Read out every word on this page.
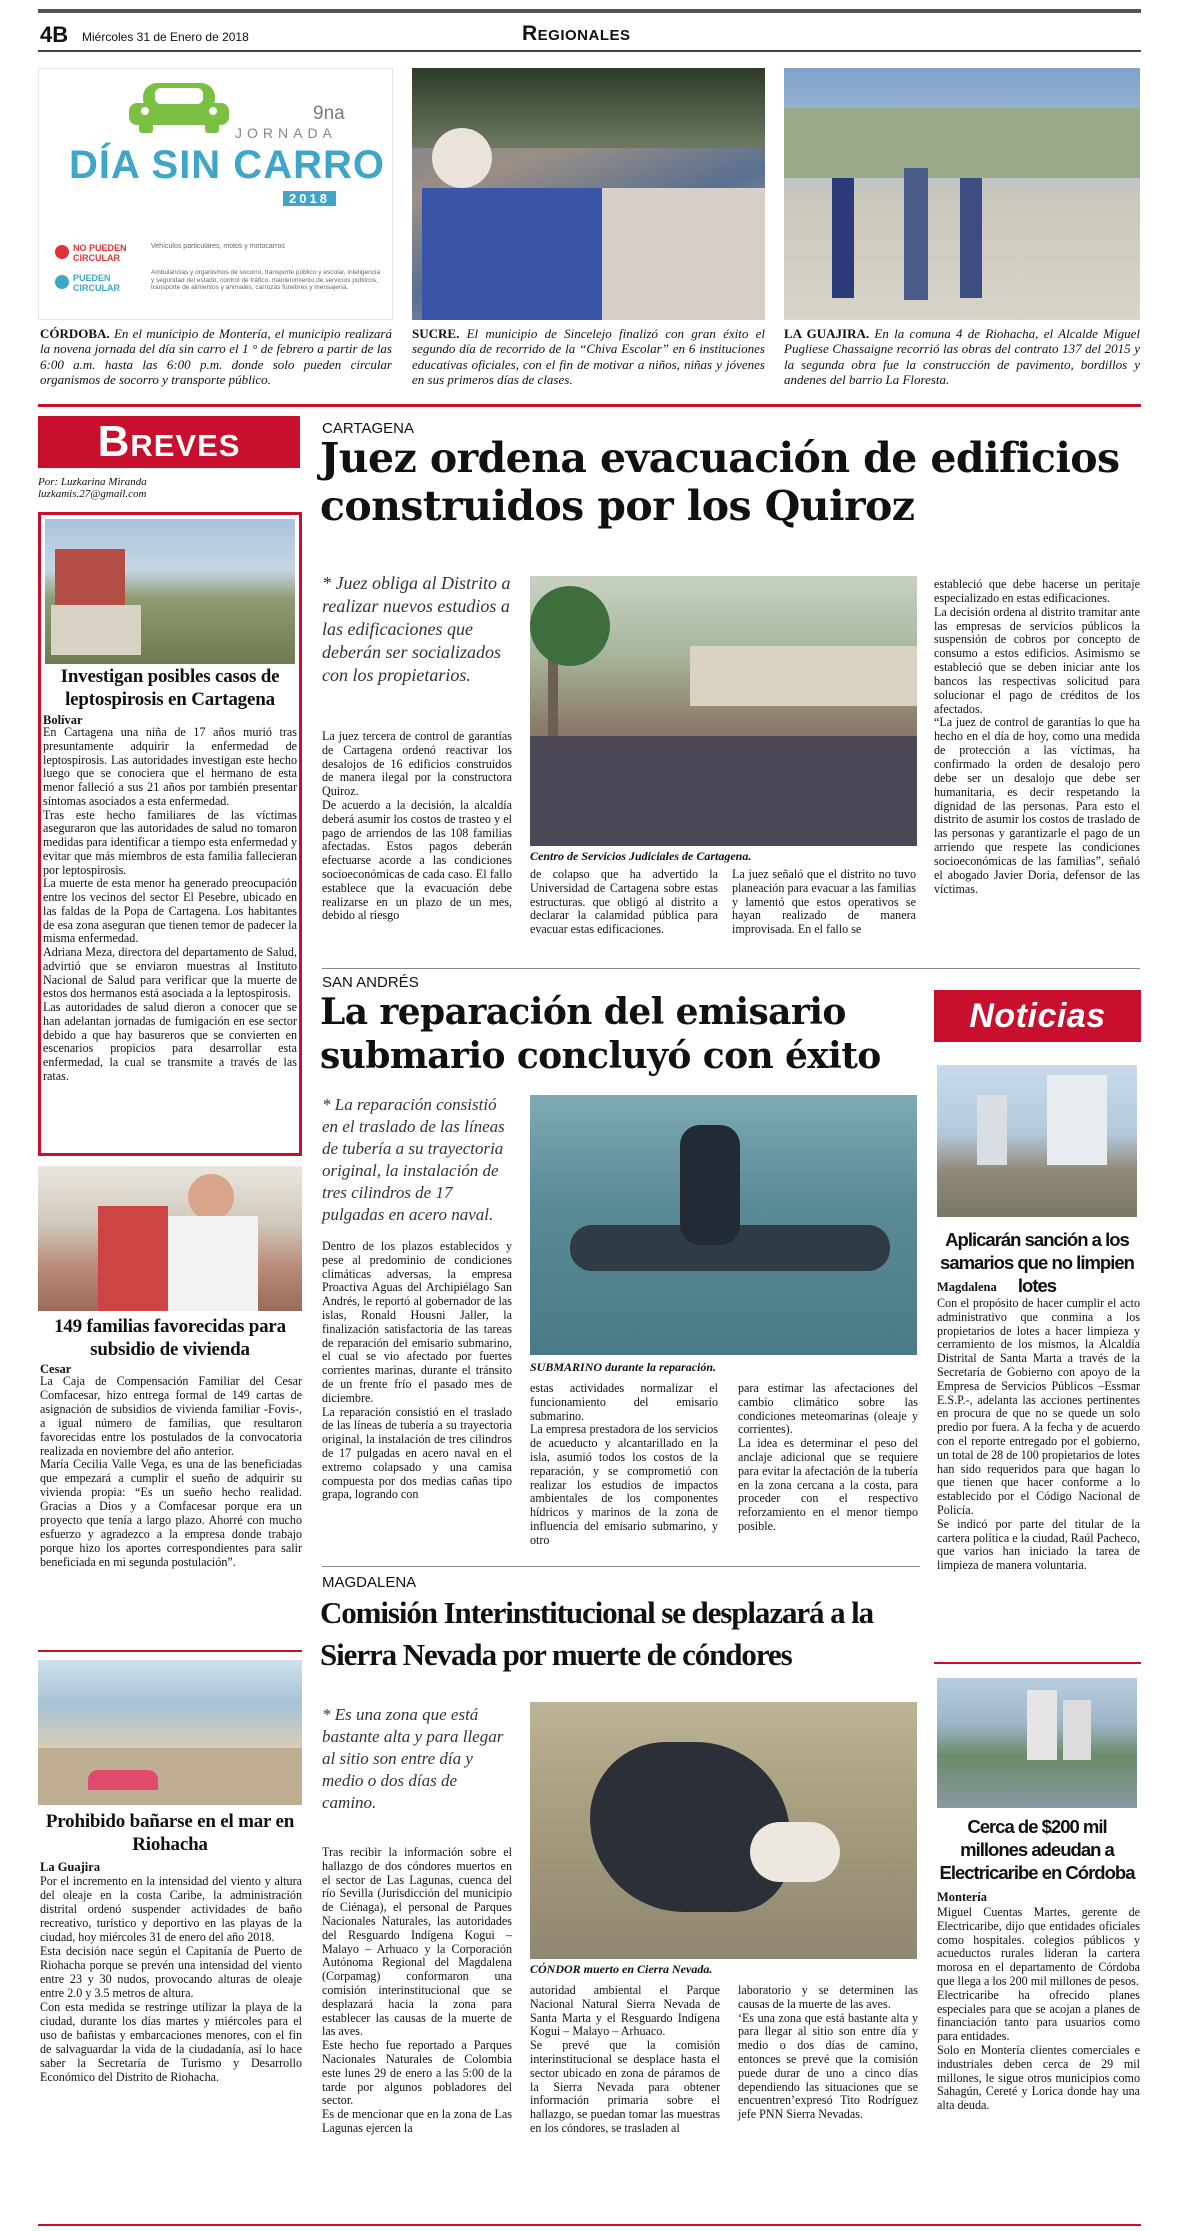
4B Miércoles 31 de Enero de 2018	Regionales
9na
JORNADA
DÍA SIN CARRO
2018
NO PUEDEN
CIRCULAR
Vehículos particulares, motos y motocarros
PUEDEN
CIRCULAR
Ambulancias y organismos de socorro, transporte público y escolar, inteligencia y seguridad del estado, control de tráfico, mantenimiento de servicios públicos, transporte de alimentos y animales, carrozas fúnebres y mensajería.
CÓRDOBA. En el municipio de Montería, el municipio realizará la novena jornada del día sin carro el 1 ° de febrero a partir de las 6:00 a.m. hasta las 6:00 p.m. donde solo pueden circular organismos de socorro y transporte público.
SUCRE. El municipio de Sincelejo finalizó con gran éxito el segundo día de recorrido de la “Chiva Escolar” en 6 instituciones educativas oficiales, con el fin de motivar a niños, niñas y jóvenes en sus primeros días de clases.
LA GUAJIRA. En la comuna 4 de Riohacha, el Alcalde Miguel Pugliese Chassaigne recorrió las obras del contrato 137 del 2015 y la segunda obra fue la construcción de pavimento, bordillos y andenes del barrio La Floresta.
Breves
Por: Luzkarina Miranda
luzkamis.27@gmail.com
Investigan posibles casos de leptospirosis en Cartagena
Bolívar
En Cartagena una niña de 17 años murió tras presuntamente adquirir la enfermedad de leptospirosis. Las autoridades investigan este hecho luego que se conociera que el hermano de esta menor falleció a sus 21 años por también presentar síntomas asociados a esta enfermedad.
Tras este hecho familiares de las víctimas aseguraron que las autoridades de salud no tomaron medidas para identificar a tiempo esta enfermedad y evitar que más miembros de esta familia fallecieran por leptospirosis.
La muerte de esta menor ha generado preocupación entre los vecinos del sector El Pesebre, ubicado en las faldas de la Popa de Cartagena. Los habitantes de esa zona aseguran que tienen temor de padecer la misma enfermedad.
Adriana Meza, directora del departamento de Salud, advirtió que se enviaron muestras al Instituto Nacional de Salud para verificar que la muerte de estos dos hermanos está asociada a la leptospirosis.
Las autoridades de salud dieron a conocer que se han adelantan jornadas de fumigación en ese sector debido a que hay basureros que se convierten en escenarios propicios para desarrollar esta enfermedad, la cual se transmite a través de las ratas.
149 familias favorecidas para subsidio de vivienda
Cesar
La Caja de Compensación Familiar del Cesar Comfacesar, hizo entrega formal de 149 cartas de asignación de subsidios de vivienda familiar -Fovis-, a igual número de familias, que resultaron favorecidas entre los postulados de la convocatoria realizada en noviembre del año anterior.
María Cecilia Valle Vega, es una de las beneficiadas que empezará a cumplir el sueño de adquirir su vivienda propia: “Es un sueño hecho realidad. Gracias a Dios y a Comfacesar porque era un proyecto que tenía a largo plazo. Ahorré con mucho esfuerzo y agradezco a la empresa donde trabajo porque hizo los aportes correspondientes para salir beneficiada en mi segunda postulación”.
Prohibido bañarse en el mar en Riohacha
La Guajira
Por el incremento en la intensidad del viento y altura del oleaje en la costa Caribe, la administración distrital ordenó suspender actividades de baño recreativo, turístico y deportivo en las playas de la ciudad, hoy miércoles 31 de enero del año 2018.
Esta decisión nace según el Capitanía de Puerto de Riohacha porque se prevén una intensidad del viento entre 23 y 30 nudos, provocando alturas de oleaje entre 2.0 y 3.5 metros de altura.
Con esta medida se restringe utilizar la playa de la ciudad, durante los días martes y miércoles para el uso de bañistas y embarcaciones menores, con el fin de salvaguardar la vida de la ciudadanía, así lo hace saber la Secretaría de Turismo y Desarrollo Económico del Distrito de Riohacha.
CARTAGENA
Juez ordena evacuación de edificios construidos por los Quiroz
* Juez obliga al Distrito a realizar nuevos estudios a las edificaciones que deberán ser socializados con los propietarios.
La juez tercera de control de garantías de Cartagena ordenó reactivar los desalojos de 16 edificios construidos de manera ilegal por la constructora Quiroz.
De acuerdo a la decisión, la alcaldía deberá asumir los costos de trasteo y el pago de arriendos de las 108 familias afectadas. Estos pagos deberán efectuarse acorde a las condiciones socioeconómicas de cada caso. El fallo establece que la evacuación debe realizarse en un plazo de un mes, debido al riesgo
Centro de Servicios Judiciales de Cartagena.
de colapso que ha advertido la Universidad de Cartagena sobre estas estructuras. que obligó al distrito a declarar la calamidad pública para evacuar estas edificaciones.
La juez señaló que el distrito no tuvo planeación para evacuar a las familias y lamentó que estos operativos se hayan realizado de manera improvisada. En el fallo se
estableció que debe hacerse un peritaje especializado en estas edificaciones.
La decisión ordena al distrito tramitar ante las empresas de servicios públicos la suspensión de cobros por concepto de consumo a estos edificios. Asimismo se estableció que se deben iniciar ante los bancos las respectivas solicitud para solucionar el pago de créditos de los afectados.
“La juez de control de garantías lo que ha hecho en el día de hoy, como una medida de protección a las víctimas, ha confirmado la orden de desalojo pero debe ser un desalojo que debe ser humanitaria, es decir respetando la dignidad de las personas. Para esto el distrito de asumir los costos de traslado de las personas y garantizarle el pago de un arriendo que respete las condiciones socioeconómicas de las familias”, señaló el abogado Javier Doria, defensor de las víctimas.
SAN ANDRÉS
La reparación del emisario submario concluyó con éxito
* La reparación consistió en el traslado de las líneas de tubería a su trayectoria original, la instalación de tres cilindros de 17 pulgadas en acero naval.
Dentro de los plazos establecidos y pese al predominio de condiciones climáticas adversas, la empresa Proactiva Aguas del Archipiélago San Andrés, le reportó al gobernador de las islas, Ronald Housni Jaller, la finalización satisfactoria de las tareas de reparación del emisario submarino, el cual se vio afectado por fuertes corrientes marinas, durante el tránsito de un frente frío el pasado mes de diciembre.
La reparación consistió en el traslado de las líneas de tubería a su trayectoria original, la instalación de tres cilindros de 17 pulgadas en acero naval en el extremo colapsado y una camisa compuesta por dos medias cañas tipo grapa, logrando con
SUBMARINO durante la reparación.
estas actividades normalizar el funcionamiento del emisario submarino.
La empresa prestadora de los servicios de acueducto y alcantarillado en la isla, asumió todos los costos de la reparación, y se comprometió con realizar los estudios de impactos ambientales de los componentes hídricos y marinos de la zona de influencia del emisario submarino, y otro
para estimar las afectaciones del cambio climático sobre las condiciones meteomarinas (oleaje y corrientes).
La idea es determinar el peso del anclaje adicional que se requiere para evitar la afectación de la tubería en la zona cercana a la costa, para proceder con el respectivo reforzamiento en el menor tiempo posible.
MAGDALENA
Comisión Interinstitucional se desplazará a la Sierra Nevada por muerte de cóndores
* Es una zona que está bastante alta y para llegar al sitio son entre día y medio o dos días de camino.
Tras recibir la información sobre el hallazgo de dos cóndores muertos en el sector de Las Lagunas, cuenca del río Sevilla (Jurisdicción del municipio de Ciénaga), el personal de Parques Nacionales Naturales, las autoridades del Resguardo Indígena Kogui – Malayo – Arhuaco y la Corporación Autónoma Regional del Magdalena (Corpamag) conformaron una comisión interinstitucional que se desplazará hacia la zona para establecer las causas de la muerte de las aves.
Este hecho fue reportado a Parques Nacionales Naturales de Colombia este lunes 29 de enero a las 5:00 de la tarde por algunos pobladores del sector.
Es de mencionar que en la zona de Las Lagunas ejercen la
CÓNDOR muerto en Cierra Nevada.
autoridad ambiental el Parque Nacional Natural Sierra Nevada de Santa Marta y el Resguardo Indígena Kogui – Malayo – Arhuaco.
Se prevé que la comisión interinstitucional se desplace hasta el sector ubicado en zona de páramos de la Sierra Nevada para obtener información primaria sobre el hallazgo, se puedan tomar las muestras en los cóndores, se trasladen al
laboratorio y se determinen las causas de la muerte de las aves.
‘Es una zona que está bastante alta y para llegar al sitio son entre día y medio o dos días de camino, entonces se prevé que la comisión puede durar de uno a cinco días dependiendo las situaciones que se encuentren’expresó Tito Rodríguez jefe PNN Sierra Nevadas.
Noticias
Aplicarán sanción a los samarios que no limpien lotes
Magdalena
Con el propósito de hacer cumplir el acto administrativo que conmina a los propietarios de lotes a hacer limpieza y cerramiento de los mismos, la Alcaldía Distrital de Santa Marta a través de la Secretaría de Gobierno con apoyo de la Empresa de Servicios Públicos –Essmar E.S.P.-, adelanta las acciones pertinentes en procura de que no se quede un solo predio por fuera. A la fecha y de acuerdo con el reporte entregado por el gobierno, un total de 28 de 100 propietarios de lotes han sido requeridos para que hagan lo que tienen que hacer conforme a lo establecido por el Código Nacional de Policía.
Se indicó por parte del titular de la cartera política e la ciudad, Raúl Pacheco, que varios han iniciado la tarea de limpieza de manera voluntaria.
Cerca de $200 mil millones adeudan a Electricaribe en Córdoba
Montería
Miguel Cuentas Martes, gerente de Electricaribe, dijo que entidades oficiales como hospitales. colegios públicos y acueductos rurales lideran la cartera morosa en el departamento de Córdoba que llega a los 200 mil millones de pesos.
Electricaribe ha ofrecido planes especiales para que se acojan a planes de financiación tanto para usuarios como para entidades.
Solo en Montería clientes comerciales e industriales deben cerca de 29 mil millones, le sigue otros municipios como Sahagún, Cereté y Lorica donde hay una alta deuda.
